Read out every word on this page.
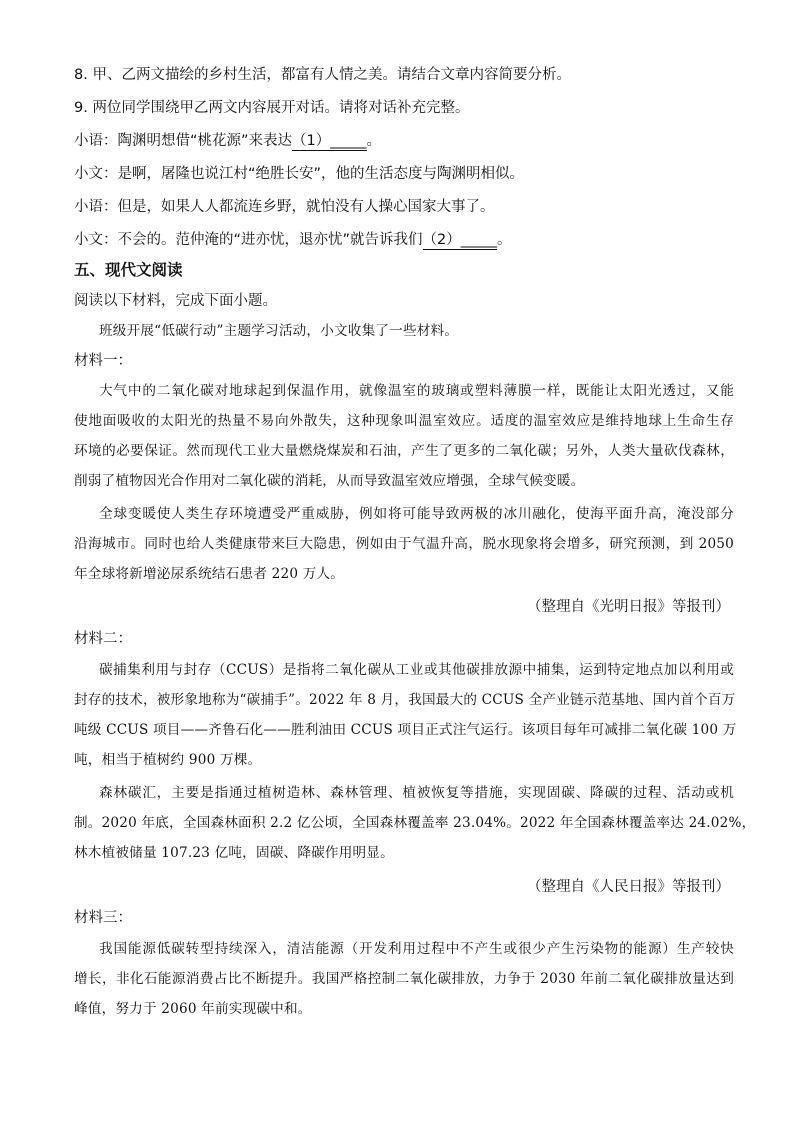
8. 甲、乙两文描绘的乡村生活，都富有人情之美。请结合文章内容简要分析。
9. 两位同学围绕甲乙两文内容展开对话。请将对话补充完整。
小语：陶渊明想借“桃花源”来表达（1）_____。
小文：是啊，屠隆也说江村“绝胜长安”，他的生活态度与陶渊明相似。
小语：但是，如果人人都流连乡野，就怕没有人操心国家大事了。
小文：不会的。范仲淹的“进亦忧，退亦忧”就告诉我们（2）_____。
五、现代文阅读
阅读以下材料，完成下面小题。
班级开展“低碳行动”主题学习活动，小文收集了一些材料。
材料一：
大气中的二氧化碳对地球起到保温作用，就像温室的玻璃或塑料薄膜一样，既能让太阳光透过，又能
使地面吸收的太阳光的热量不易向外散失，这种现象叫温室效应。适度的温室效应是维持地球上生命生存
环境的必要保证。然而现代工业大量燃烧煤炭和石油，产生了更多的二氧化碳；另外，人类大量砍伐森林，
削弱了植物因光合作用对二氧化碳的消耗，从而导致温室效应增强，全球气候变暖。
全球变暖使人类生存环境遭受严重威胁，例如将可能导致两极的冰川融化，使海平面升高，淹没部分
沿海城市。同时也给人类健康带来巨大隐患，例如由于气温升高，脱水现象将会增多，研究预测，到 2050
年全球将新增泌尿系统结石患者 220 万人。
（整理自《光明日报》等报刊）
材料二：
碳捕集利用与封存（CCUS）是指将二氧化碳从工业或其他碳排放源中捕集，运到特定地点加以利用或
封存的技术，被形象地称为“碳捕手”。2022 年 8 月，我国最大的 CCUS 全产业链示范基地、国内首个百万
吨级 CCUS 项目——齐鲁石化——胜利油田 CCUS 项目正式注气运行。该项目每年可减排二氧化碳 100 万
吨，相当于植树约 900 万棵。
森林碳汇，主要是指通过植树造林、森林管理、植被恢复等措施，实现固碳、降碳的过程、活动或机
制。2020 年底，全国森林面积 2.2 亿公顷，全国森林覆盖率 23.04%。2022 年全国森林覆盖率达 24.02%，
林木植被储量 107.23 亿吨，固碳、降碳作用明显。
（整理自《人民日报》等报刊）
材料三：
我国能源低碳转型持续深入，清洁能源（开发利用过程中不产生或很少产生污染物的能源）生产较快
增长，非化石能源消费占比不断提升。我国严格控制二氧化碳排放，力争于 2030 年前二氧化碳排放量达到
峰值，努力于 2060 年前实现碳中和。
